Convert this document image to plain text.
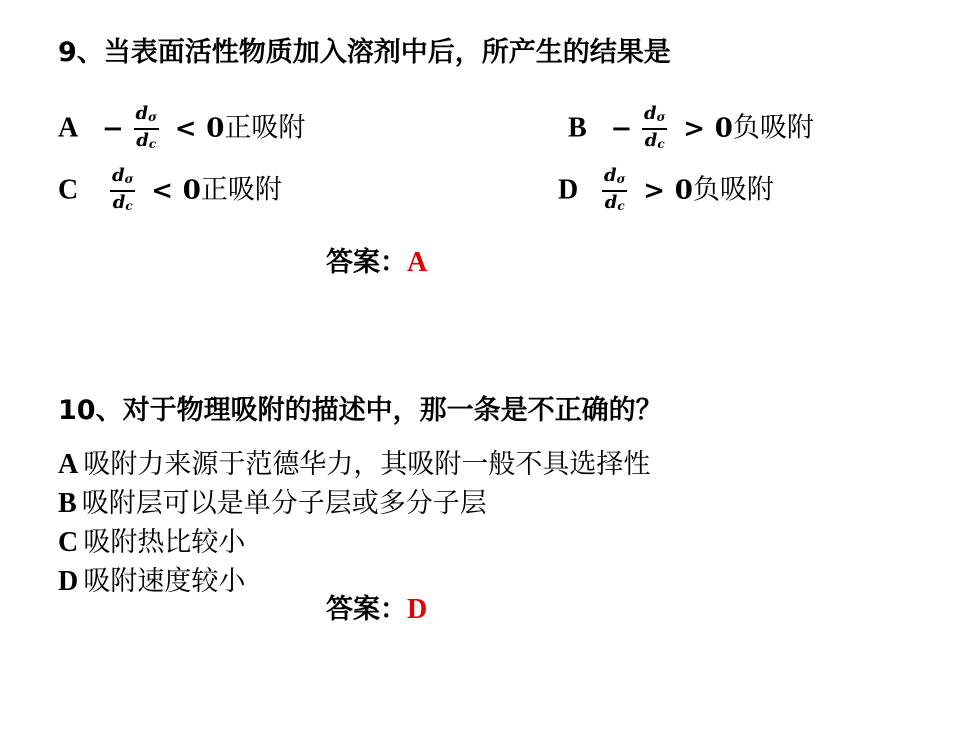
9、当表面活性物质加入溶剂中后，所产生的结果是
$A - \frac{d_\sigma}{d_c} < 0$正吸附	$B - \frac{d_\sigma}{d_c} > 0$负吸附
C $\frac{d_\sigma}{d_c} < 0$正吸附	D $\frac{d_\sigma}{d_c} > 0$负吸附
答案：A
10、对于物理吸附的描述中，那一条是不正确的？
A 吸附力来源于范德华力，其吸附一般不具选择性
B 吸附层可以是单分子层或多分子层
C 吸附热比较小
D 吸附速度较小
答案：D
